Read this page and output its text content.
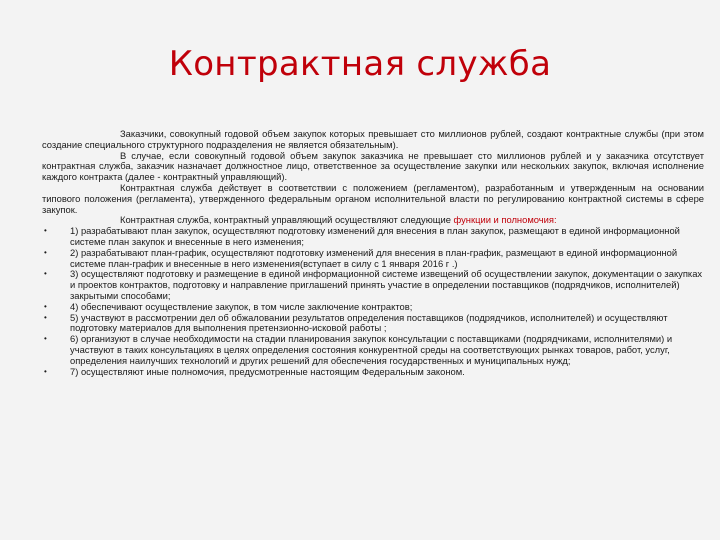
Контрактная служба

Заказчики, совокупный годовой объем закупок которых превышает сто миллионов рублей, создают контрактные службы (при этом создание специального структурного подразделения не является обязательным).

В случае, если совокупный годовой объем закупок заказчика не превышает сто миллионов рублей и у заказчика отсутствует контрактная служба, заказчик назначает должностное лицо, ответственное за осуществление закупки или нескольких закупок, включая исполнение каждого контракта (далее - контрактный управляющий).

Контрактная служба действует в соответствии с положением (регламентом), разработанным и утвержденным на основании типового положения (регламента), утвержденного федеральным органом исполнительной власти по регулированию контрактной системы в сфере закупок.

Контрактная служба, контрактный управляющий осуществляют следующие функции и полномочия:

• 1) разрабатывают план закупок, осуществляют подготовку изменений для внесения в план закупок, размещают в единой информационной системе план закупок и внесенные в него изменения;
• 2) разрабатывают план-график, осуществляют подготовку изменений для внесения в план-график, размещают в единой информационной системе план-график и внесенные в него изменения(вступает в силу с 1 января 2016 г .)
• 3) осуществляют подготовку и размещение в единой информационной системе извещений об осуществлении закупок, документации о закупках и проектов контрактов, подготовку и направление приглашений принять участие в определении поставщиков (подрядчиков, исполнителей) закрытыми способами;
• 4) обеспечивают осуществление закупок, в том числе заключение контрактов;
• 5) участвуют в рассмотрении дел об обжаловании результатов определения поставщиков (подрядчиков, исполнителей) и осуществляют подготовку материалов для выполнения претензионно-исковой работы ;
• 6) организуют в случае необходимости на стадии планирования закупок консультации с поставщиками (подрядчиками, исполнителями) и участвуют в таких консультациях в целях определения состояния конкурентной среды на соответствующих рынках товаров, работ, услуг, определения наилучших технологий и других решений для обеспечения государственных и муниципальных нужд;
• 7) осуществляют иные полномочия, предусмотренные настоящим Федеральным законом.
